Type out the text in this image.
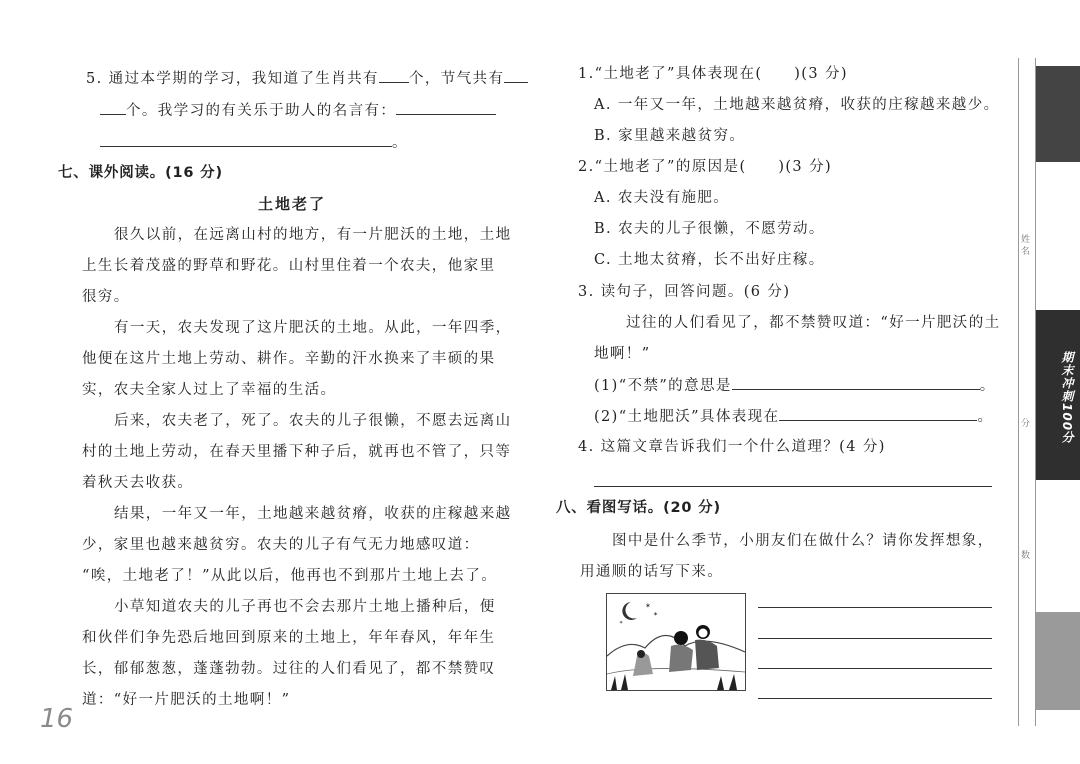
5. 通过本学期的学习，我知道了生肖共有 个，节气共有
个。我学习的有关乐于助人的名言有：
。
七、课外阅读。(16 分)
土地老了
很久以前，在远离山村的地方，有一片肥沃的土地，土地
上生长着茂盛的野草和野花。山村里住着一个农夫，他家里
很穷。
有一天，农夫发现了这片肥沃的土地。从此，一年四季，
他便在这片土地上劳动、耕作。辛勤的汗水换来了丰硕的果
实，农夫全家人过上了幸福的生活。
后来，农夫老了，死了。农夫的儿子很懒，不愿去远离山
村的土地上劳动，在春天里播下种子后，就再也不管了，只等
着秋天去收获。
结果，一年又一年，土地越来越贫瘠，收获的庄稼越来越
少，家里也越来越贫穷。农夫的儿子有气无力地感叹道：
“唉，土地老了！”从此以后，他再也不到那片土地上去了。
小草知道农夫的儿子再也不会去那片土地上播种后，便
和伙伴们争先恐后地回到原来的土地上，年年春风，年年生
长，郁郁葱葱，蓬蓬勃勃。过往的人们看见了，都不禁赞叹
道：“好一片肥沃的土地啊！”
16
1.“土地老了”具体表现在(　　)(3 分)
A. 一年又一年，土地越来越贫瘠，收获的庄稼越来越少。
B. 家里越来越贫穷。
2.“土地老了”的原因是(　　)(3 分)
A. 农夫没有施肥。
B. 农夫的儿子很懒，不愿劳动。
C. 土地太贫瘠，长不出好庄稼。
3. 读句子，回答问题。(6 分)
过往的人们看见了，都不禁赞叹道：“好一片肥沃的土
地啊！”
(1)“不禁”的意思是	。
(2)“土地肥沃”具体表现在	。
4. 这篇文章告诉我们一个什么道理？(4 分)
八、看图写话。(20 分)
图中是什么季节，小朋友们在做什么？请你发挥想象，
用通顺的话写下来。
✶
✶
✶
姓
名
分
数
期末冲刺100分
